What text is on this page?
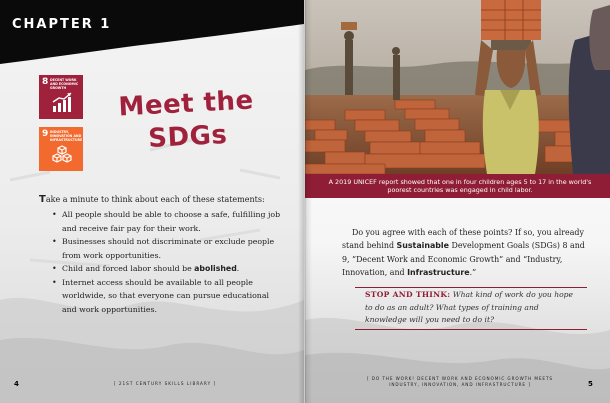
CHAPTER 1
8 DECENT WORK AND ECONOMIC GROWTH
9 INDUSTRY, INNOVATION AND INFRASTRUCTURE
Meet the
SDGs

Take a minute to think about each of these statements:

• All people should be able to choose a safe, fulfilling job and receive fair pay for their work.
• Businesses should not discriminate or exclude people from work opportunities.
• Child and forced labor should be abolished.
• Internet access should be available to all people worldwide, so that everyone can pursue educational and work opportunities.
4	[ 21ST CENTURY SKILLS LIBRARY ]

A 2019 UNICEF report showed that one in four children ages 5 to 17 in the world's poorest countries was engaged in child labor.

Do you agree with each of these points? If so, you already stand behind Sustainable Development Goals (SDGs) 8 and 9, “Decent Work and Economic Growth” and “Industry, Innovation, and Infrastructure.”

STOP AND THINK: What kind of work do you hope to do as an adult? What types of training and knowledge will you need to do it?

[ DO THE WORK! DECENT WORK AND ECONOMIC GROWTH MEETS
INDUSTRY, INNOVATION, AND INFRASTRUCTURE ]	5
